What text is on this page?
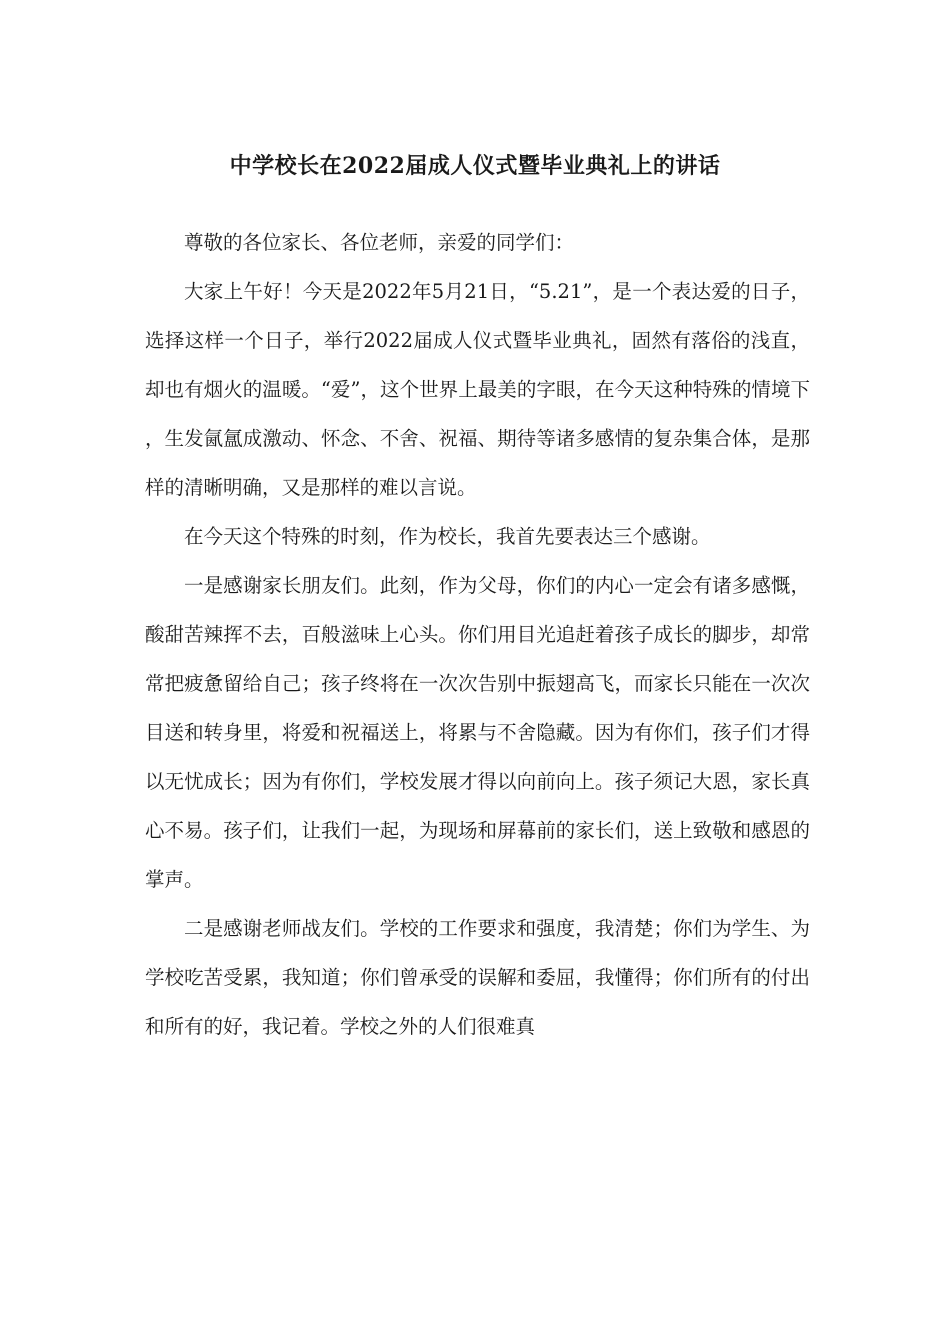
中学校长在2022届成人仪式暨毕业典礼上的讲话

尊敬的各位家长、各位老师，亲爱的同学们：

大家上午好！今天是2022年5月21日，“5.21”，是一个表达爱的日子，选择这样一个日子，举行2022届成人仪式暨毕业典礼，固然有落俗的浅直，却也有烟火的温暖。“爱”，这个世界上最美的字眼，在今天这种特殊的情境下，生发氤氲成激动、怀念、不舍、祝福、期待等诸多感情的复杂集合体，是那样的清晰明确，又是那样的难以言说。

在今天这个特殊的时刻，作为校长，我首先要表达三个感谢。

一是感谢家长朋友们。此刻，作为父母，你们的内心一定会有诸多感慨，酸甜苦辣挥不去，百般滋味上心头。你们用目光追赶着孩子成长的脚步，却常常把疲惫留给自己；孩子终将在一次次告别中振翅高飞，而家长只能在一次次目送和转身里，将爱和祝福送上，将累与不舍隐藏。因为有你们，孩子们才得以无忧成长；因为有你们，学校发展才得以向前向上。孩子须记大恩，家长真心不易。孩子们，让我们一起，为现场和屏幕前的家长们，送上致敬和感恩的掌声。

二是感谢老师战友们。学校的工作要求和强度，我清楚；你们为学生、为学校吃苦受累，我知道；你们曾承受的误解和委屈，我懂得；你们所有的付出和所有的好，我记着。学校之外的人们很难真
